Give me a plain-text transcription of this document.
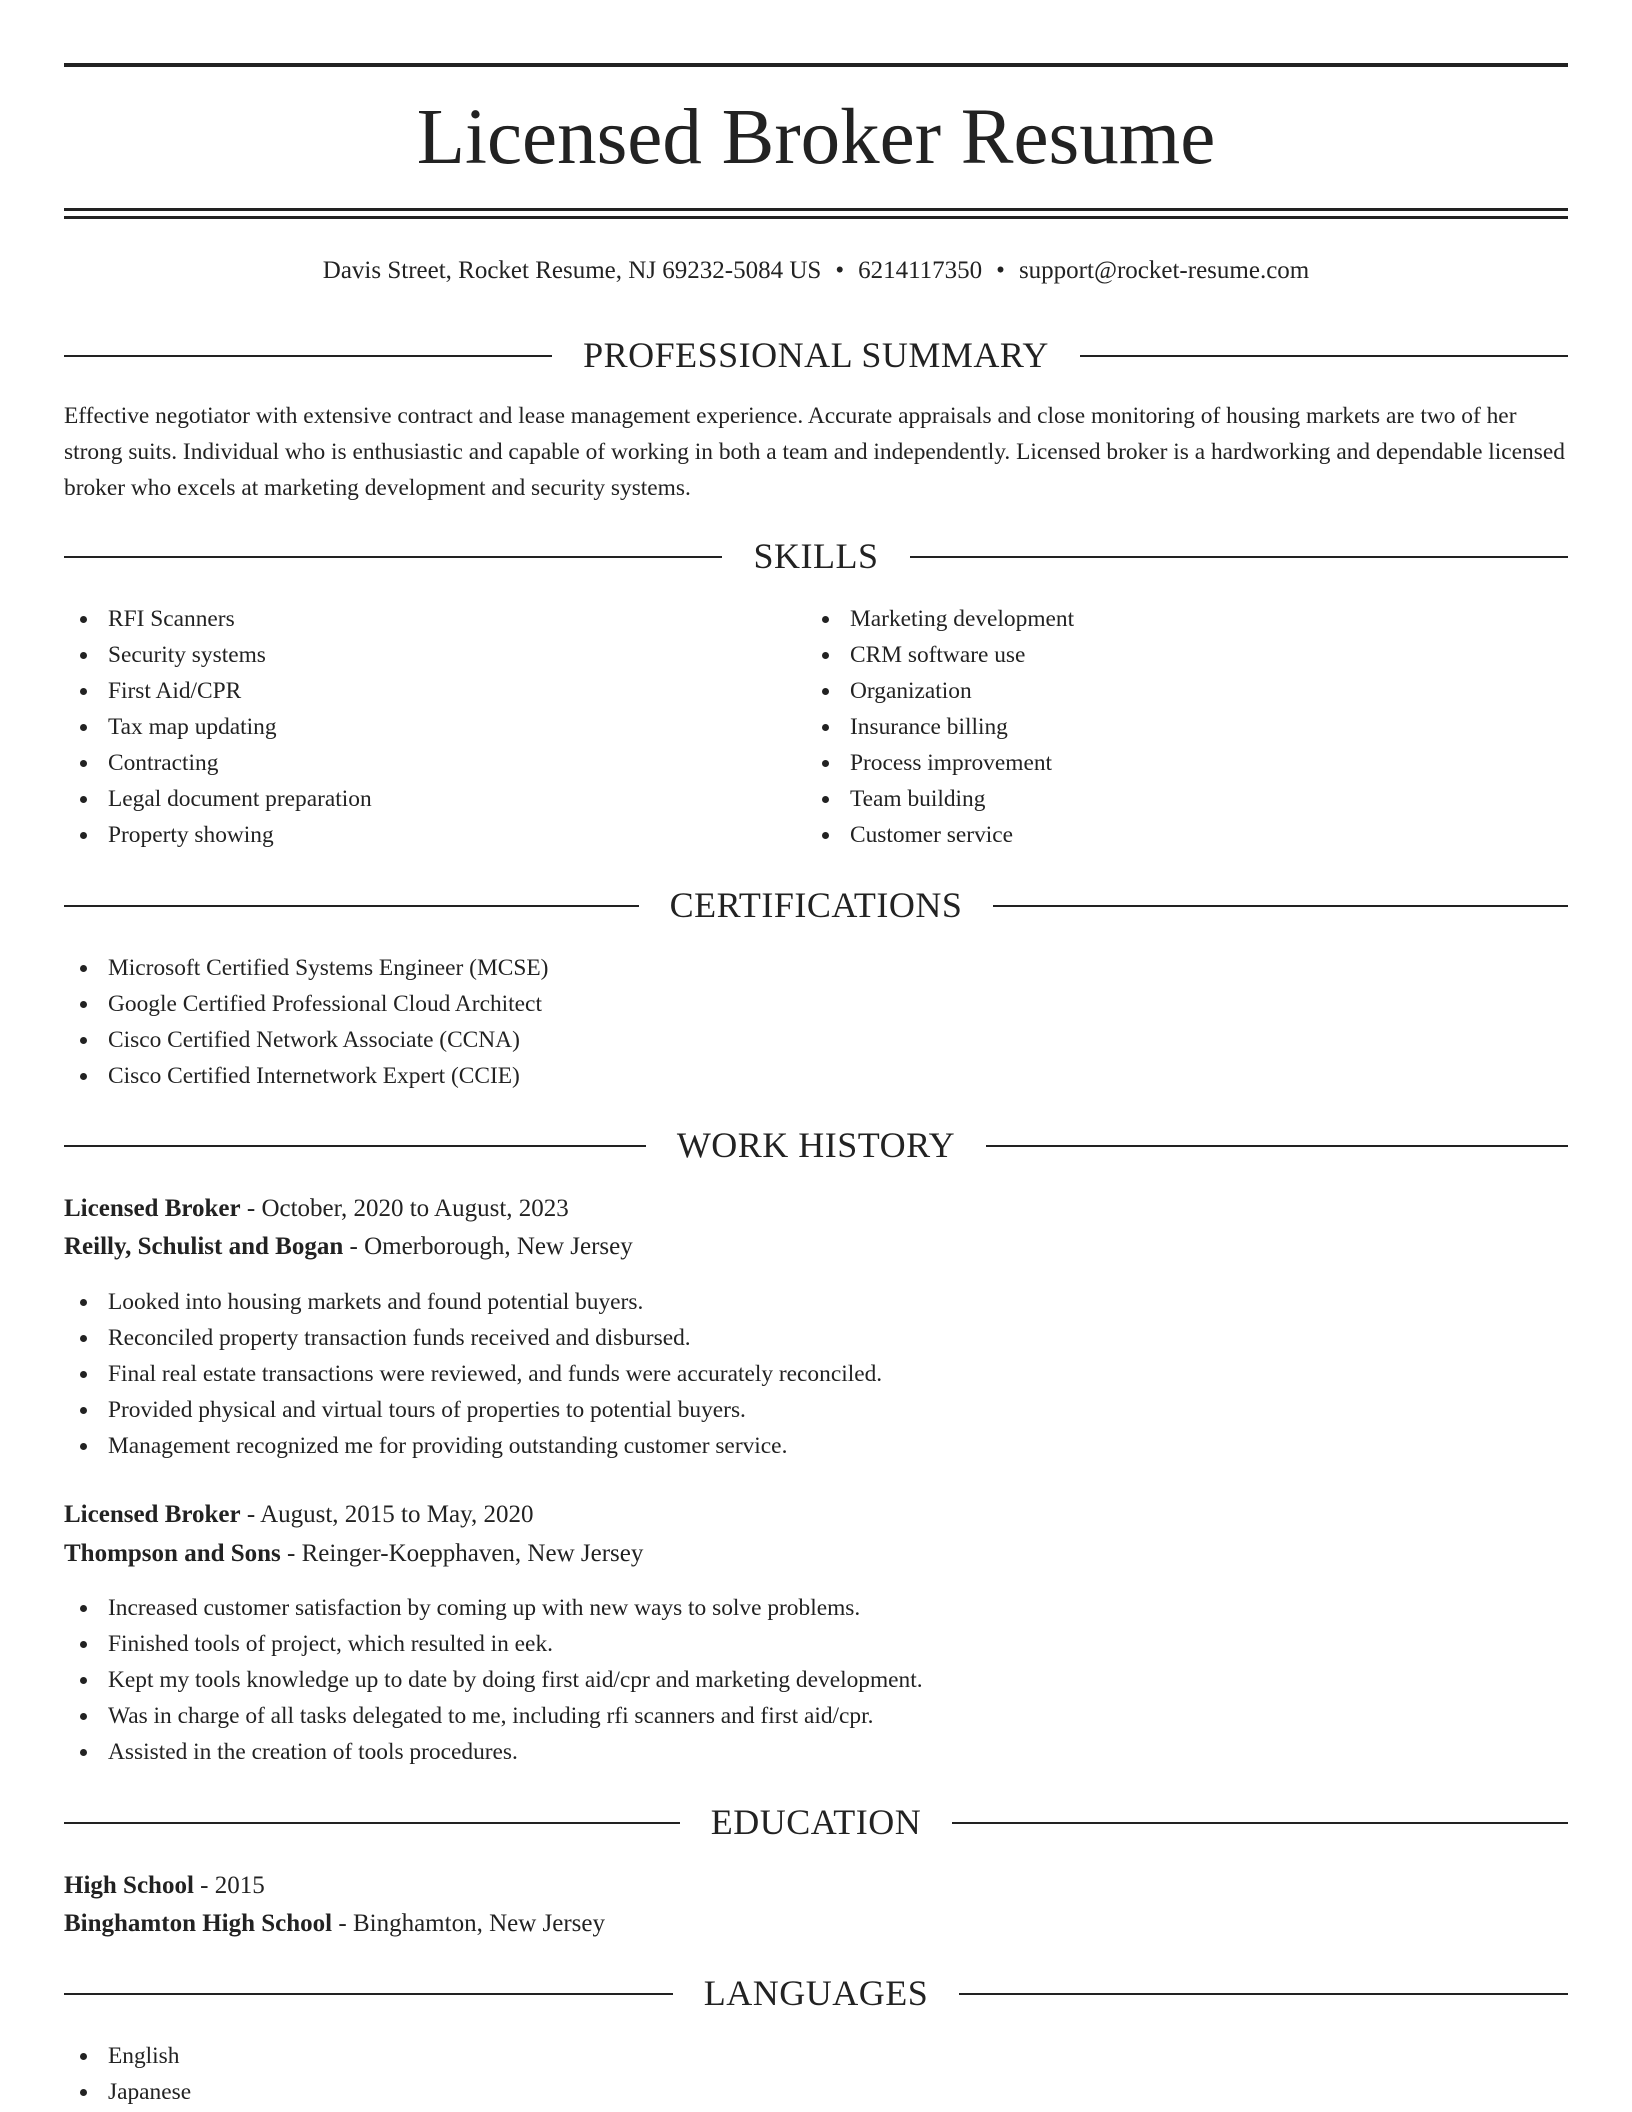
Licensed Broker Resume
Davis Street, Rocket Resume, NJ 69232-5084 US • 6214117350 • support@rocket-resume.com
PROFESSIONAL SUMMARY
Effective negotiator with extensive contract and lease management experience. Accurate appraisals and close monitoring of housing markets are two of her strong suits. Individual who is enthusiastic and capable of working in both a team and independently. Licensed broker is a hardworking and dependable licensed broker who excels at marketing development and security systems.
SKILLS
RFI Scanners
Security systems
First Aid/CPR
Tax map updating
Contracting
Legal document preparation
Property showing
Marketing development
CRM software use
Organization
Insurance billing
Process improvement
Team building
Customer service
CERTIFICATIONS
Microsoft Certified Systems Engineer (MCSE)
Google Certified Professional Cloud Architect
Cisco Certified Network Associate (CCNA)
Cisco Certified Internetwork Expert (CCIE)
WORK HISTORY
Licensed Broker - October, 2020 to August, 2023
Reilly, Schulist and Bogan - Omerborough, New Jersey
Looked into housing markets and found potential buyers.
Reconciled property transaction funds received and disbursed.
Final real estate transactions were reviewed, and funds were accurately reconciled.
Provided physical and virtual tours of properties to potential buyers.
Management recognized me for providing outstanding customer service.
Licensed Broker - August, 2015 to May, 2020
Thompson and Sons - Reinger-Koepphaven, New Jersey
Increased customer satisfaction by coming up with new ways to solve problems.
Finished tools of project, which resulted in eek.
Kept my tools knowledge up to date by doing first aid/cpr and marketing development.
Was in charge of all tasks delegated to me, including rfi scanners and first aid/cpr.
Assisted in the creation of tools procedures.
EDUCATION
High School - 2015
Binghamton High School - Binghamton, New Jersey
LANGUAGES
English
Japanese
